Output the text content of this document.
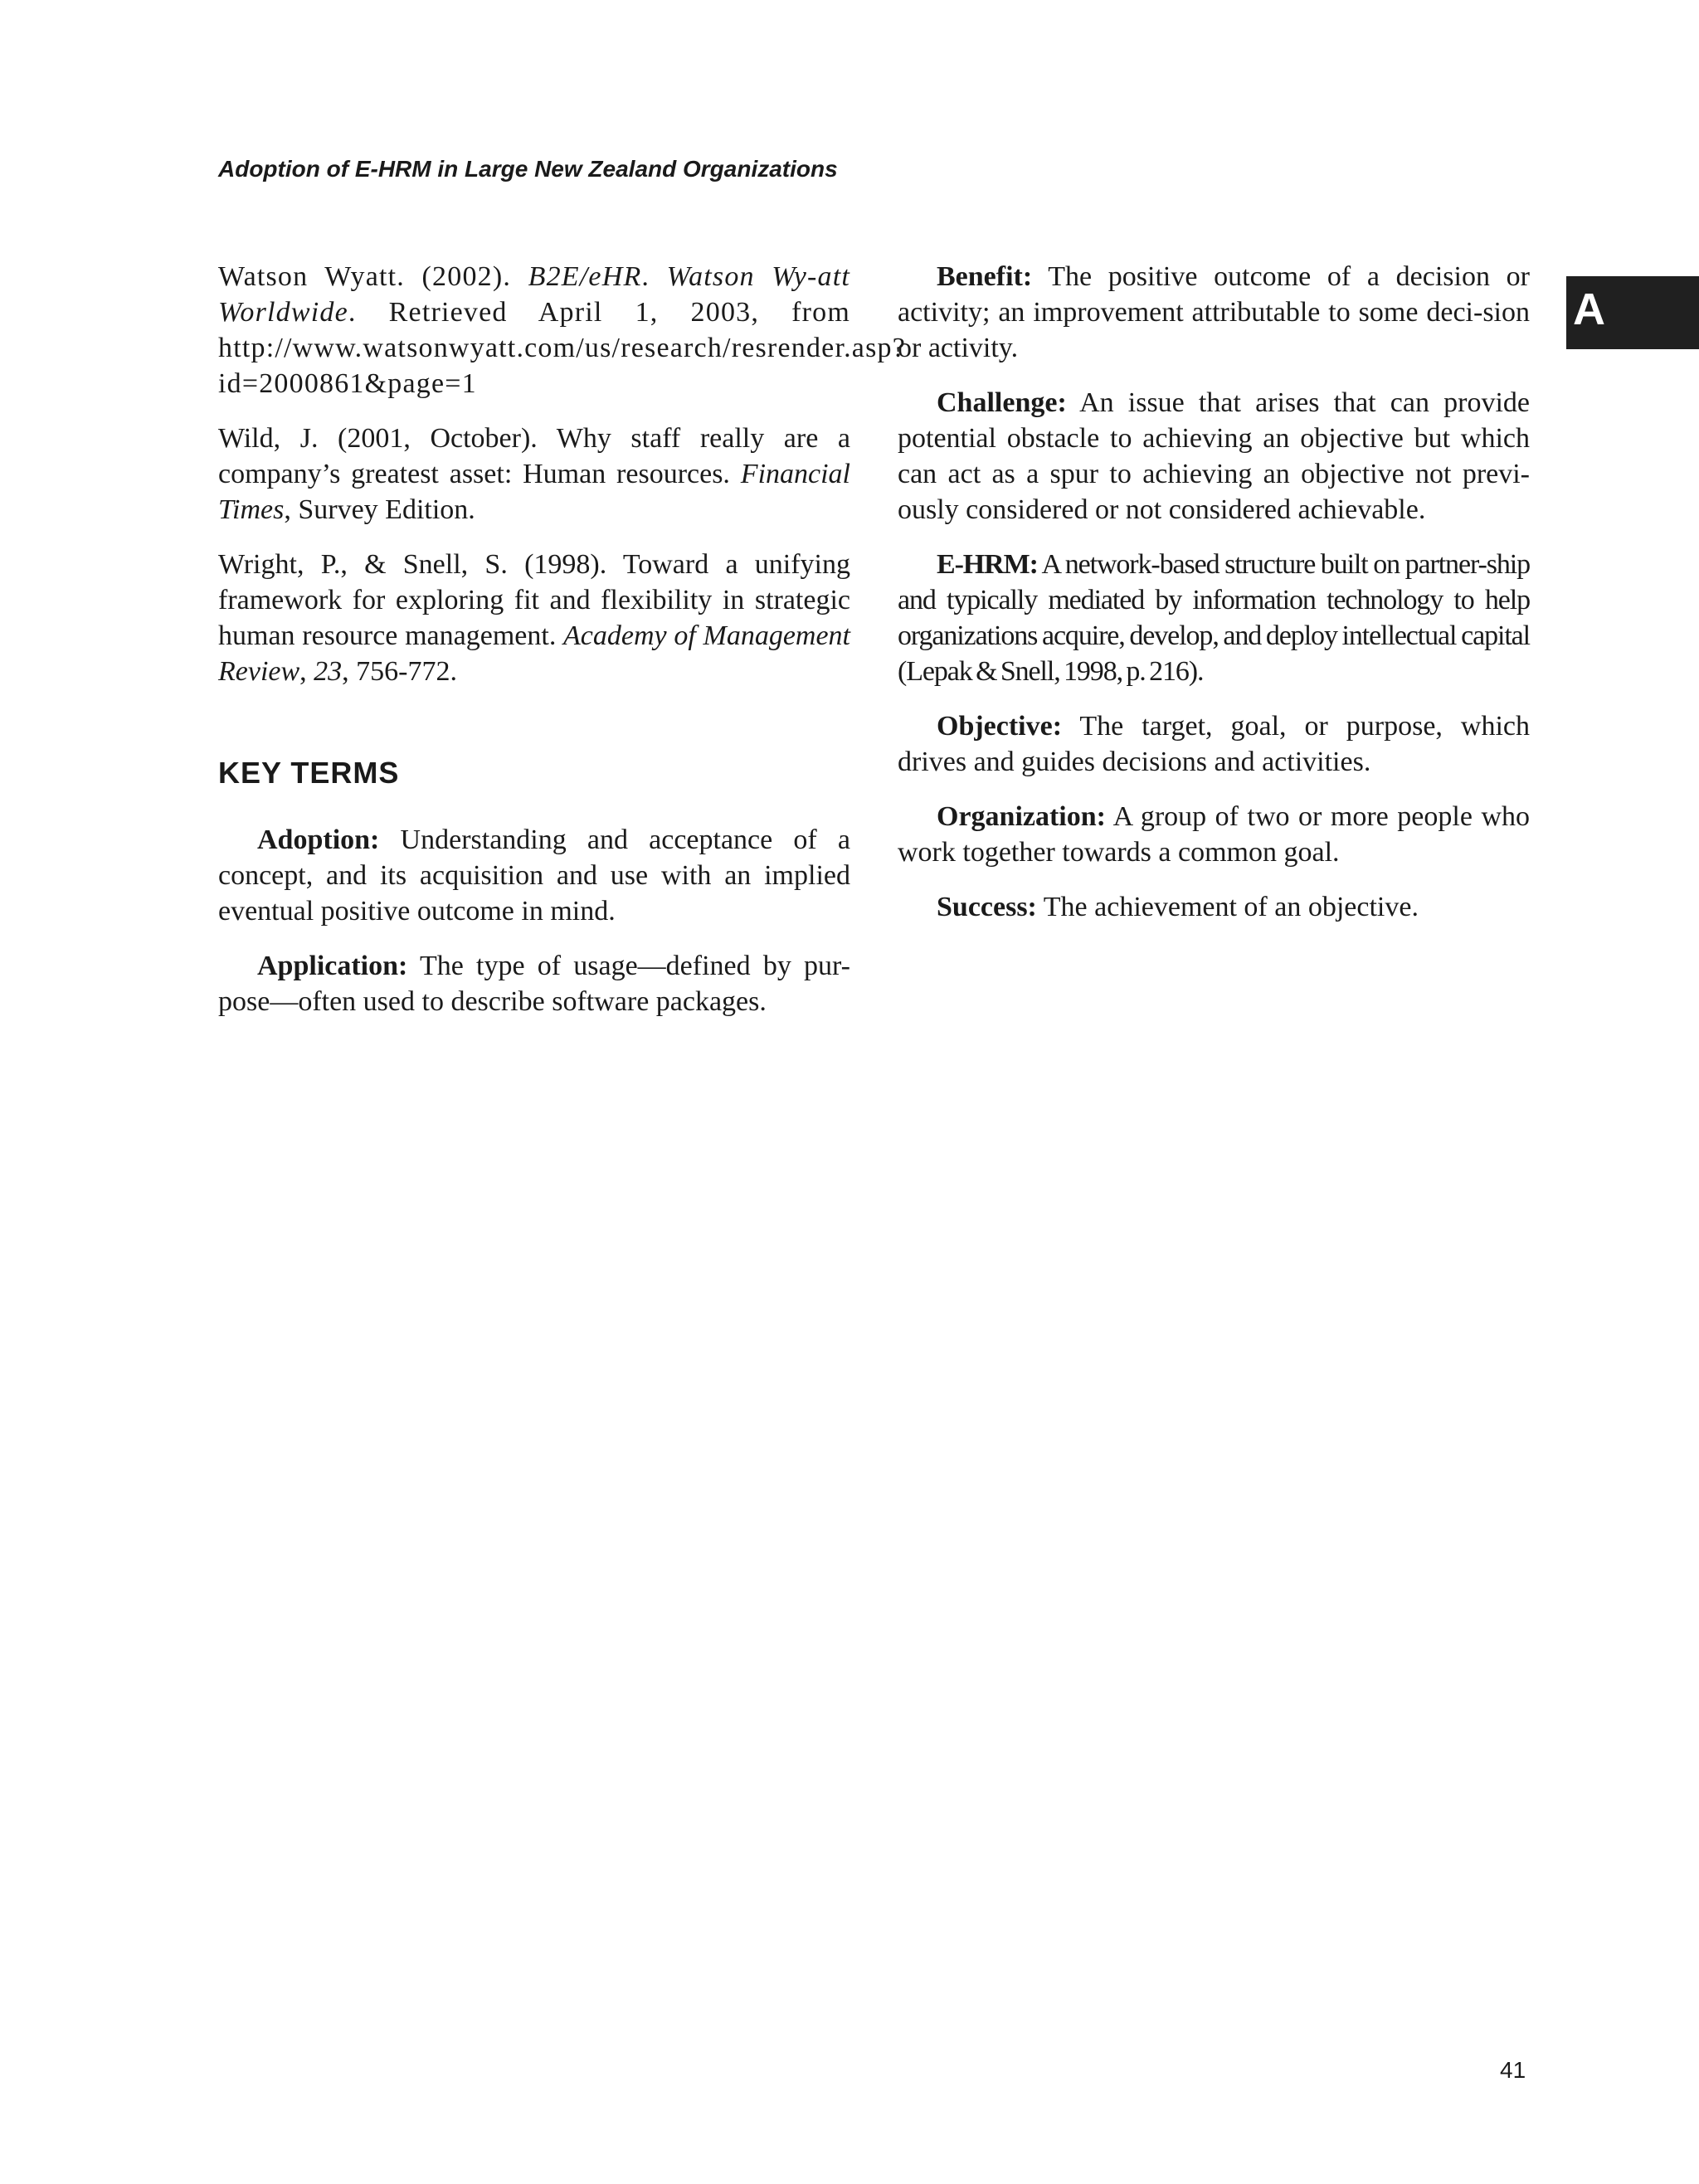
Adoption of E-HRM in Large New Zealand Organizations
A

Watson Wyatt. (2002). B2E/eHR. Watson Wy-att Worldwide. Retrieved April 1, 2003, from http://www.watsonwyatt.com/us/research/resrender.asp?id=2000861&page=1

Wild, J. (2001, October). Why staff really are a company’s greatest asset: Human resources. Financial Times, Survey Edition.

Wright, P., & Snell, S. (1998). Toward a unifying framework for exploring fit and flexibility in strategic human resource management. Academy of Management Review, 23, 756-772.

KEY TERMS

Adoption: Understanding and acceptance of a concept, and its acquisition and use with an implied eventual positive outcome in mind.

Application: The type of usage—defined by pur-pose—often used to describe software packages.

Benefit: The positive outcome of a decision or activity; an improvement attributable to some deci-sion or activity.

Challenge: An issue that arises that can provide potential obstacle to achieving an objective but which can act as a spur to achieving an objective not previ-ously considered or not considered achievable.

E-HRM: A network-based structure built on partner-ship and typically mediated by information technology to help organizations acquire, develop, and deploy intellectual capital (Lepak & Snell, 1998, p. 216).

Objective: The target, goal, or purpose, which drives and guides decisions and activities.

Organization: A group of two or more people who work together towards a common goal.

Success: The achievement of an objective.

41
